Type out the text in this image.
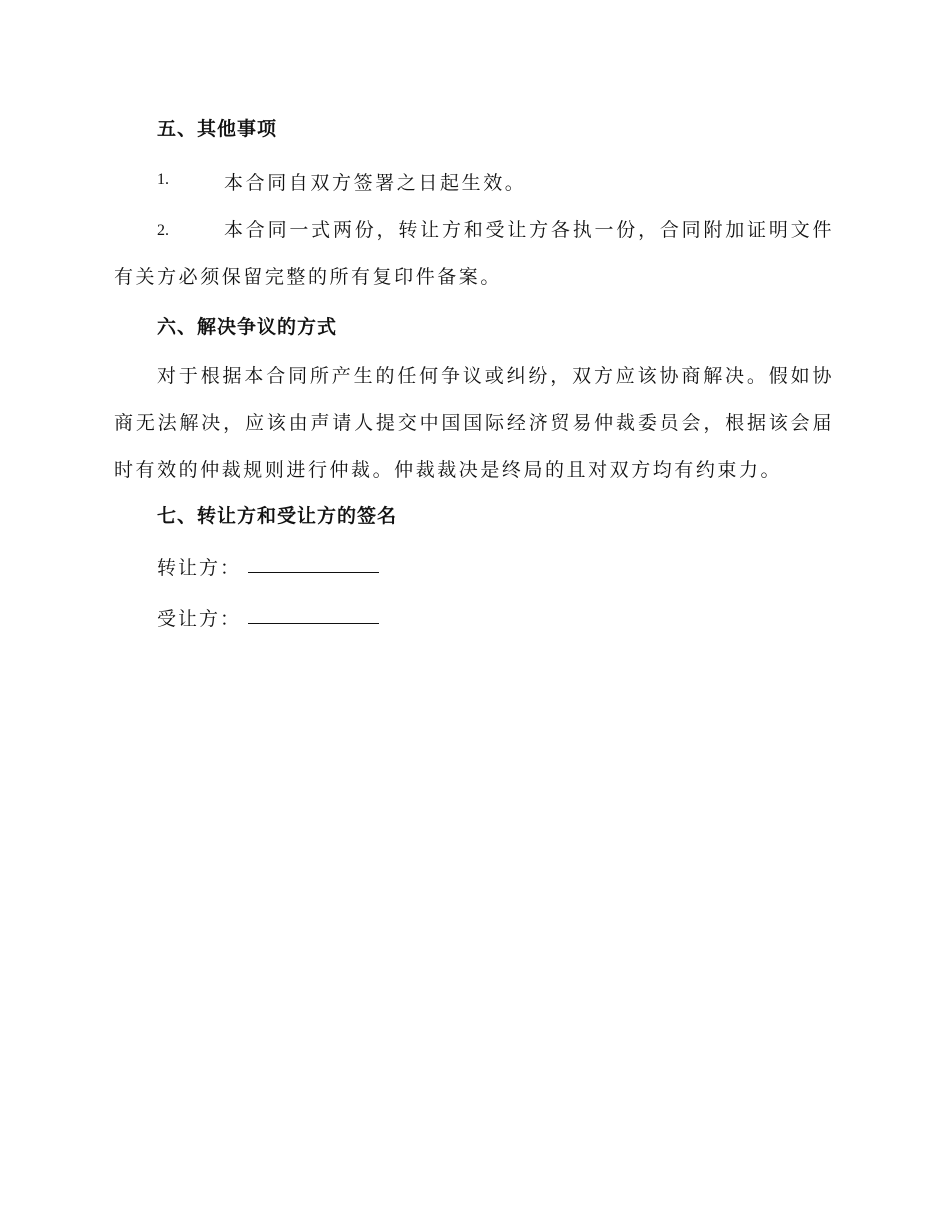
五、其他事项
1.	本合同自双方签署之日起生效。
2.	本合同一式两份，转让方和受让方各执一份，合同附加证明文件有关方必须保留完整的所有复印件备案。
六、解决争议的方式
对于根据本合同所产生的任何争议或纠纷，双方应该协商解决。假如协商无法解决，应该由声请人提交中国国际经济贸易仲裁委员会，根据该会届时有效的仲裁规则进行仲裁。仲裁裁决是终局的且对双方均有约束力。
七、转让方和受让方的签名
转让方：
受让方：
